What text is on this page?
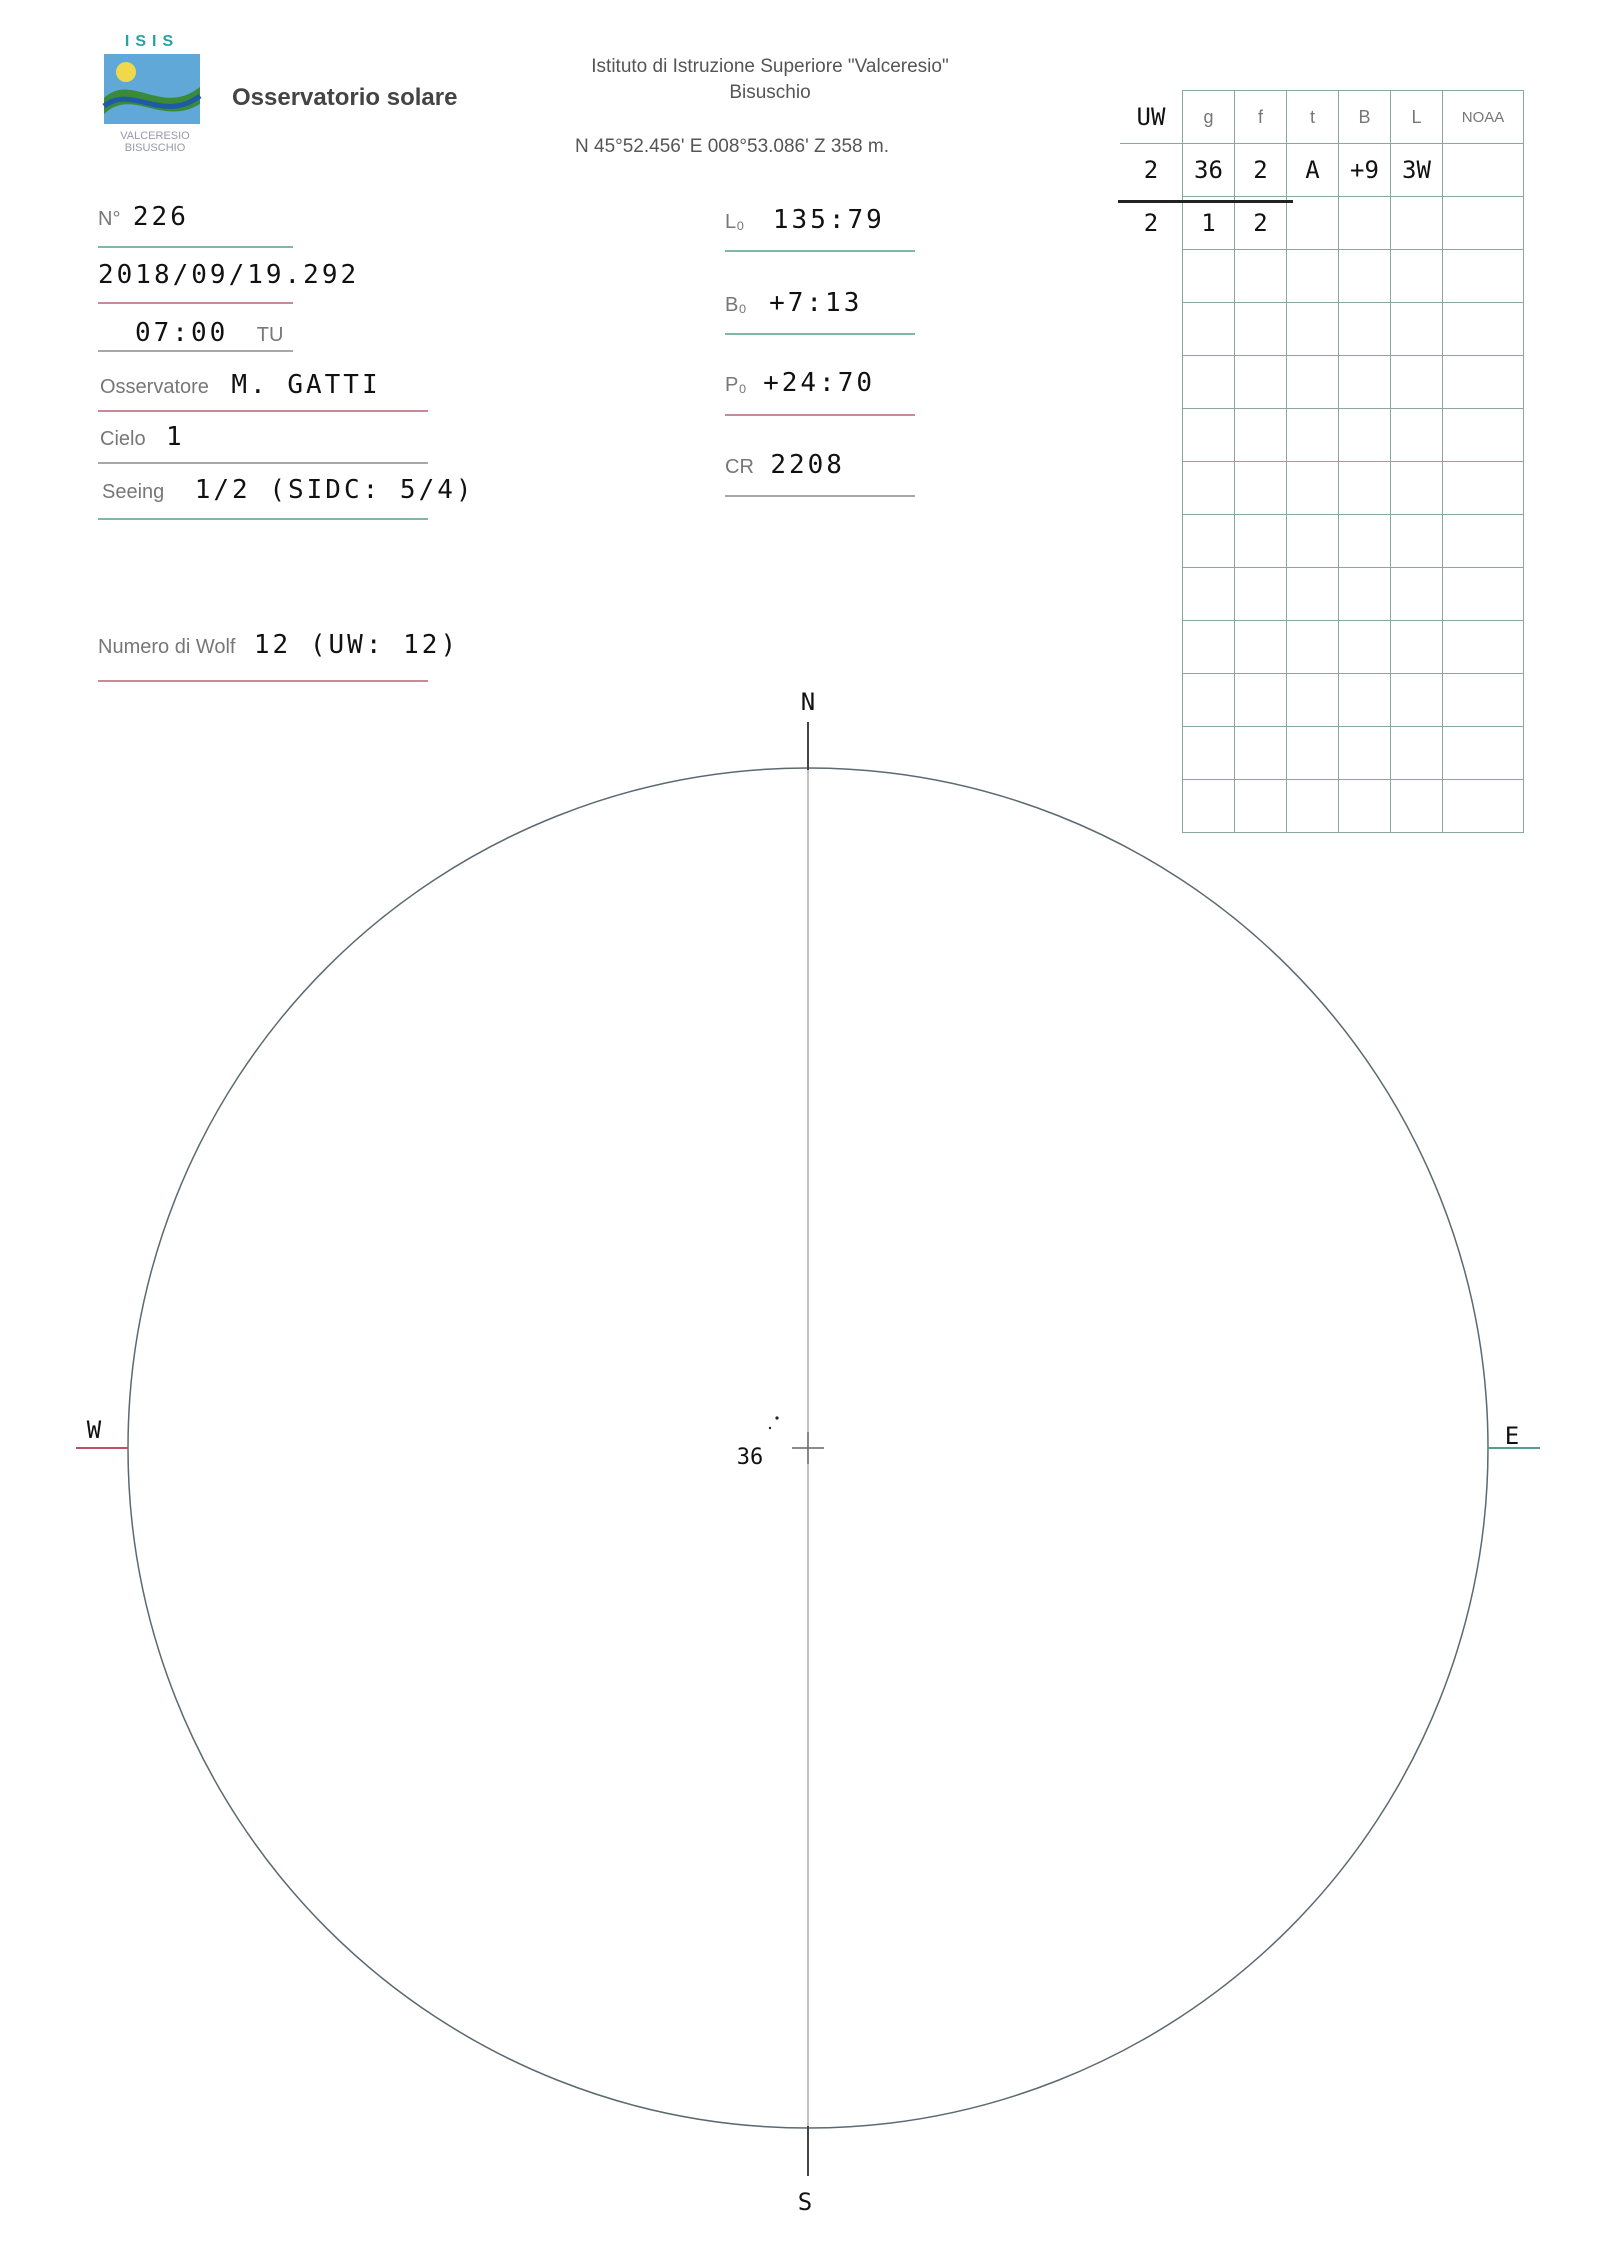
ISIS
VALCERESIO
BISUSCHIO
Osservatorio solare
Istituto di Istruzione Superiore "Valceresio"
Bisuschio
N 45°52.456' E 008°53.086' Z 358 m.
N° 226
2018/09/19.292
07:00 TU
Osservatore M. GATTI
Cielo 1
Seeing 1/2 (SIDC: 5/4)
Numero di Wolf 12 (UW: 12)
L₀ 135:79
B₀ +7:13
P₀ +24:70
CR 2208
UW	g	f	t	B	L	NOAA
2	36	2	A	+9	3W	
2	1	2				

N
S
E
W
36
